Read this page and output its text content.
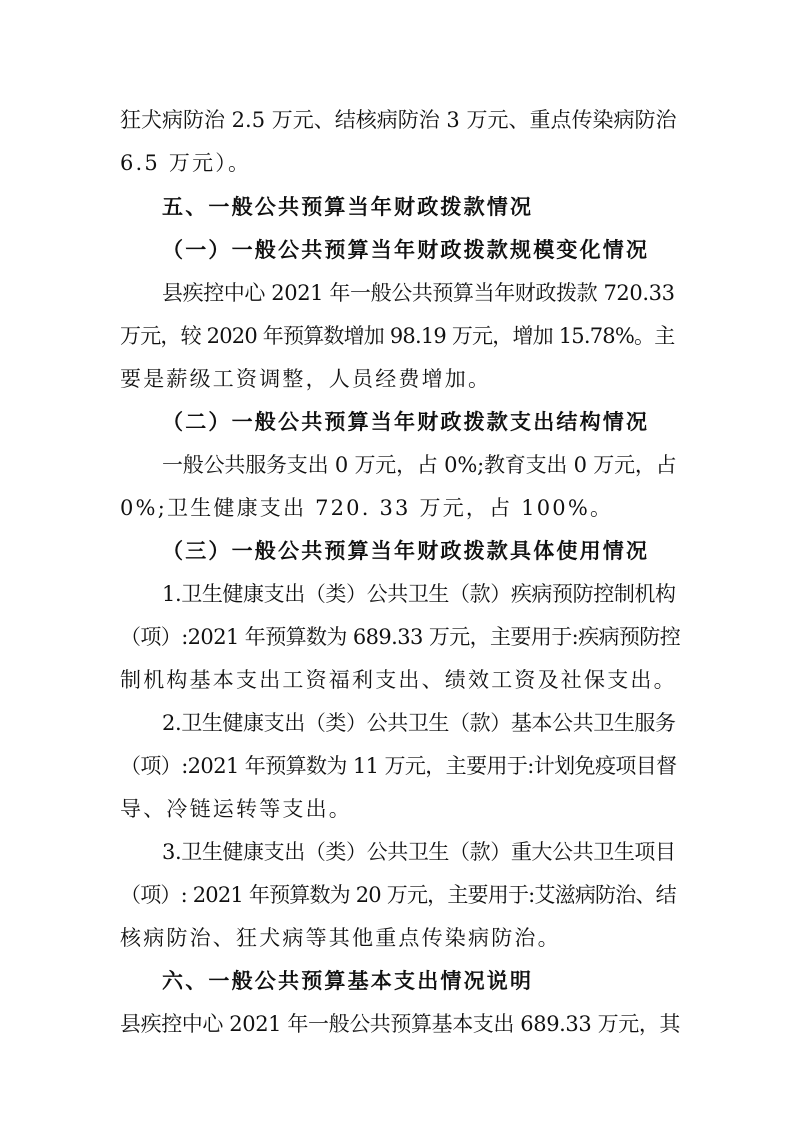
狂犬病防治 2.5 万元、结核病防治 3 万元、重点传染病防治
6.5 万元）。
五、一般公共预算当年财政拨款情况
（一）一般公共预算当年财政拨款规模变化情况
县疾控中心 2021 年一般公共预算当年财政拨款 720.33
万元，较 2020 年预算数增加 98.19 万元，增加 15.78%。主
要是薪级工资调整，人员经费增加。
（二）一般公共预算当年财政拨款支出结构情况
一般公共服务支出 0 万元，占 0%;教育支出 0 万元，占
0%;卫生健康支出 720. 33 万元，占 100%。
（三）一般公共预算当年财政拨款具体使用情况
1.卫生健康支出（类）公共卫生（款）疾病预防控制机构
（项）:2021 年预算数为 689.33 万元，主要用于:疾病预防控
制机构基本支出工资福利支出、绩效工资及社保支出。
2.卫生健康支出（类）公共卫生（款）基本公共卫生服务
（项）:2021 年预算数为 11 万元，主要用于:计划免疫项目督
导、冷链运转等支出。
3.卫生健康支出（类）公共卫生（款）重大公共卫生项目
（项）: 2021 年预算数为 20 万元，主要用于:艾滋病防治、结
核病防治、狂犬病等其他重点传染病防治。
六、一般公共预算基本支出情况说明
县疾控中心 2021 年一般公共预算基本支出 689.33 万元，其
